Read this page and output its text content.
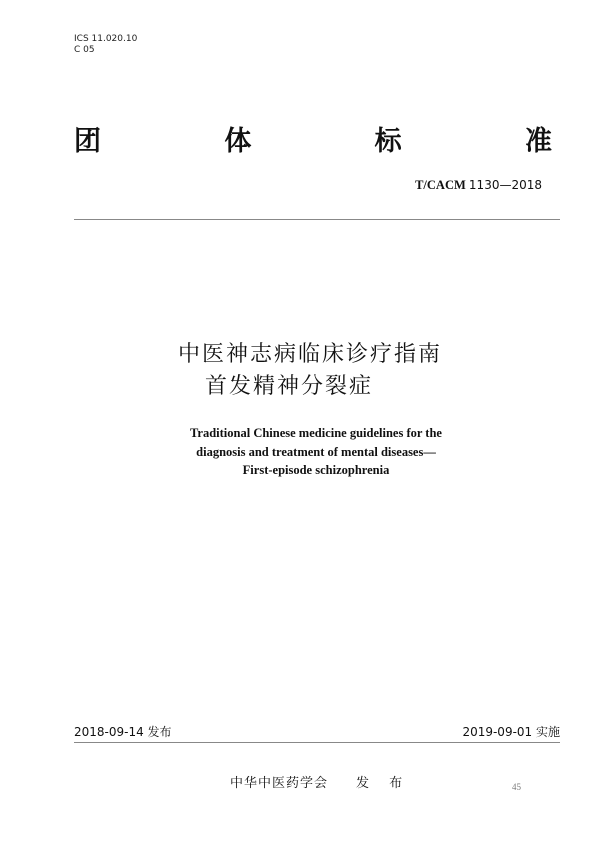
ICS 11.020.10
C 05
团	体	标	准
T/CACM 1130—2018
中医神志病临床诊疗指南
首发精神分裂症
Traditional Chinese medicine guidelines for the
diagnosis and treatment of mental diseases—
First-episode schizophrenia
2018-09-14 发布	2019-09-01 实施
中华中医药学会 发 布	45
